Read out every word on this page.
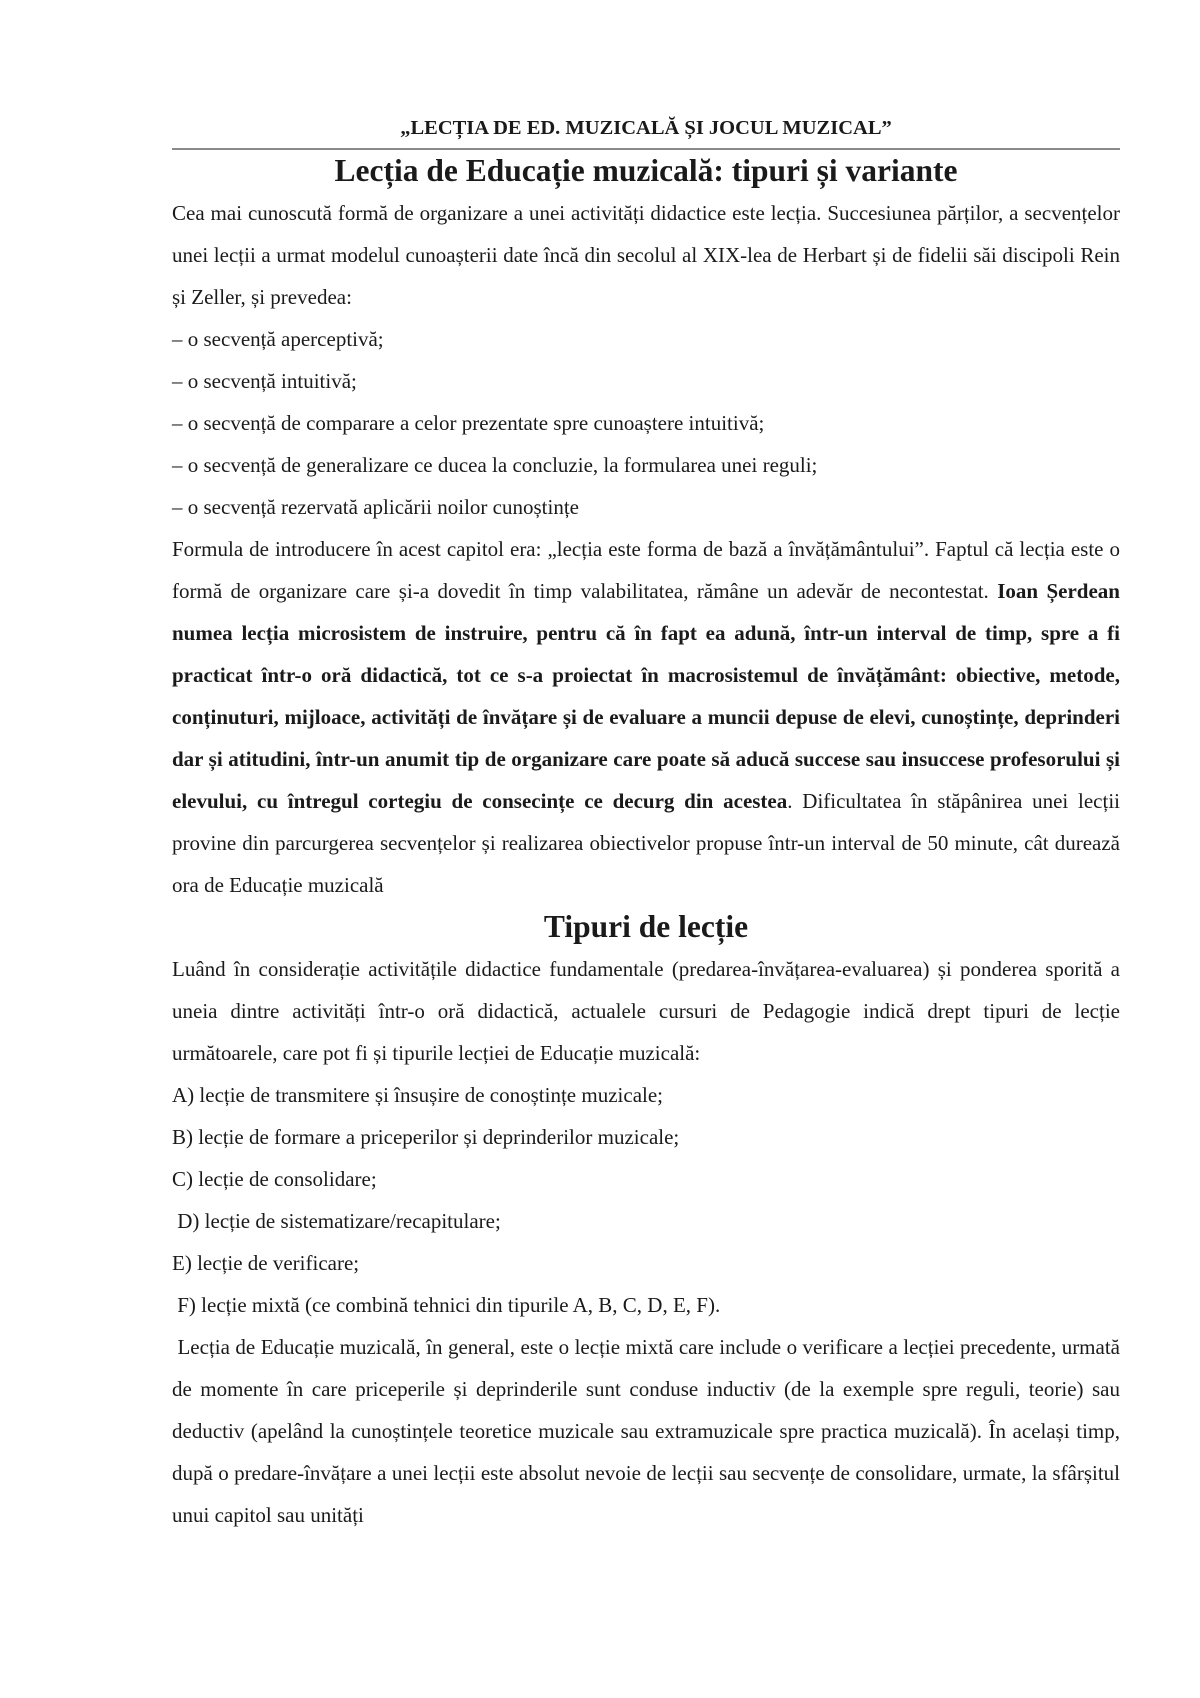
„LECȚIA DE ED. MUZICALĂ ȘI JOCUL MUZICAL”
Lecția de Educație muzicală: tipuri și variante

Cea mai cunoscută formă de organizare a unei activități didactice este lecția. Succesiunea părților, a secvențelor unei lecții a urmat modelul cunoașterii date încă din secolul al XIX-lea de Herbart și de fidelii săi discipoli Rein și Zeller, și prevedea:

– o secvență aperceptivă;

– o secvență intuitivă;

– o secvență de comparare a celor prezentate spre cunoaștere intuitivă;

– o secvență de generalizare ce ducea la concluzie, la formularea unei reguli;

– o secvență rezervată aplicării noilor cunoștințe

Formula de introducere în acest capitol era: „lecția este forma de bază a învățământului”. Faptul că lecția este o formă de organizare care și-a dovedit în timp valabilitatea, rămâne un adevăr de necontestat. Ioan Șerdean numea lecția microsistem de instruire, pentru că în fapt ea adună, într-un interval de timp, spre a fi practicat într-o oră didactică, tot ce s-a proiectat în macrosistemul de învățământ: obiective, metode, conținuturi, mijloace, activități de învățare și de evaluare a muncii depuse de elevi, cunoștințe, deprinderi dar și atitudini, într-un anumit tip de organizare care poate să aducă succese sau insuccese profesorului și elevului, cu întregul cortegiu de consecințe ce decurg din acestea. Dificultatea în stăpânirea unei lecții provine din parcurgerea secvențelor și realizarea obiectivelor propuse într-un interval de 50 minute, cât durează ora de Educație muzicală

Tipuri de lecție

Luând în considerație activitățile didactice fundamentale (predarea-învățarea-evaluarea) și ponderea sporită a uneia dintre activități într-o oră didactică, actualele cursuri de Pedagogie indică drept tipuri de lecție următoarele, care pot fi și tipurile lecției de Educație muzicală:

A) lecție de transmitere și însușire de conoștințe muzicale;

B) lecție de formare a priceperilor și deprinderilor muzicale;

C) lecție de consolidare;

D) lecție de sistematizare/recapitulare;

E) lecție de verificare;

F) lecție mixtă (ce combină tehnici din tipurile A, B, C, D, E, F).

Lecția de Educație muzicală, în general, este o lecție mixtă care include o verificare a lecției precedente, urmată de momente în care priceperile și deprinderile sunt conduse inductiv (de la exemple spre reguli, teorie) sau deductiv (apelând la cunoștințele teoretice muzicale sau extramuzicale spre practica muzicală). În același timp, după o predare-învățare a unei lecții este absolut nevoie de lecții sau secvențe de consolidare, urmate, la sfârșitul unui capitol sau unități
